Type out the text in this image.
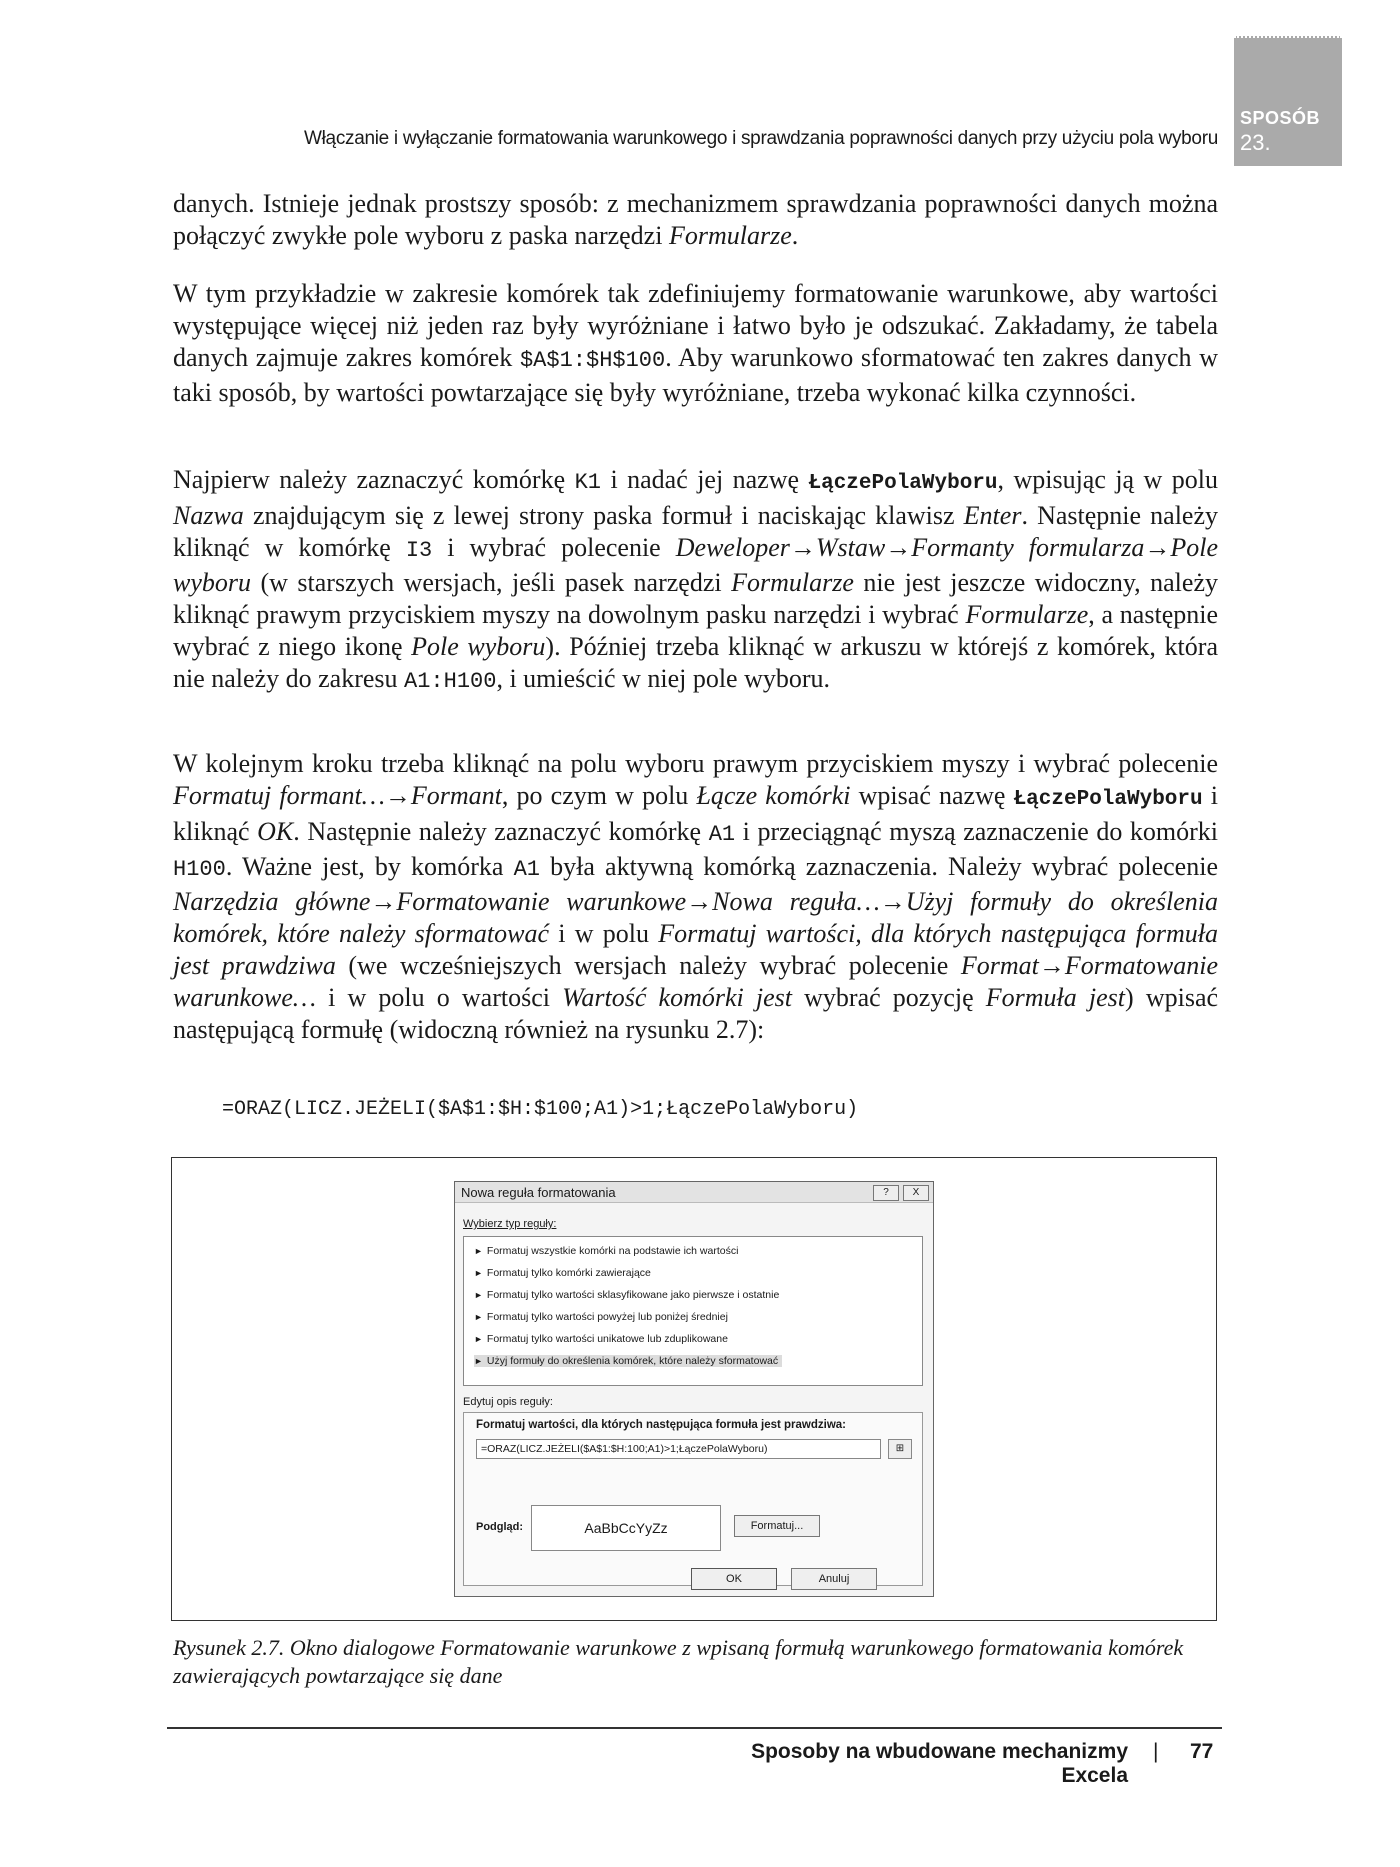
Włączanie i wyłączanie formatowania warunkowego i sprawdzania poprawności danych przy użyciu pola wyboru
SPOSÓB
23.
danych. Istnieje jednak prostszy sposób: z mechanizmem sprawdzania poprawności danych można połączyć zwykłe pole wyboru z paska narzędzi Formularze.
W tym przykładzie w zakresie komórek tak zdefiniujemy formatowanie warunkowe, aby wartości występujące więcej niż jeden raz były wyróżniane i łatwo było je odszukać. Zakładamy, że tabela danych zajmuje zakres komórek $A$1:$H$100. Aby warunkowo sformatować ten zakres danych w taki sposób, by wartości powtarzające się były wyróżniane, trzeba wykonać kilka czynności.
Najpierw należy zaznaczyć komórkę K1 i nadać jej nazwę ŁączePolaWyboru, wpisując ją w polu Nazwa znajdującym się z lewej strony paska formuł i naciskając klawisz Enter. Następnie należy kliknąć w komórkę I3 i wybrać polecenie Deweloper→Wstaw→Formanty formularza→Pole wyboru (w starszych wersjach, jeśli pasek narzędzi Formularze nie jest jeszcze widoczny, należy kliknąć prawym przyciskiem myszy na dowolnym pasku narzędzi i wybrać Formularze, a następnie wybrać z niego ikonę Pole wyboru). Później trzeba kliknąć w arkuszu w którejś z komórek, która nie należy do zakresu A1:H100, i umieścić w niej pole wyboru.
W kolejnym kroku trzeba kliknąć na polu wyboru prawym przyciskiem myszy i wybrać polecenie Formatuj formant…→Formant, po czym w polu Łącze komórki wpisać nazwę ŁączePolaWyboru i kliknąć OK. Następnie należy zaznaczyć komórkę A1 i przeciągnąć myszą zaznaczenie do komórki H100. Ważne jest, by komórka A1 była aktywną komórką zaznaczenia. Należy wybrać polecenie Narzędzia główne→Formatowanie warunkowe→Nowa reguła…→Użyj formuły do określenia komórek, które należy sformatować i w polu Formatuj wartości, dla których następująca formuła jest prawdziwa (we wcześniejszych wersjach należy wybrać polecenie Format→Formatowanie warunkowe… i w polu o wartości Wartość komórki jest wybrać pozycję Formuła jest) wpisać następującą formułę (widoczną również na rysunku 2.7):
=ORAZ(LICZ.JEŻELI($A$1:$H:$100;A1)>1;ŁączePolaWyboru)
Nowa reguła formatowania	?	X
Wybierz typ reguły:
► Formatuj wszystkie komórki na podstawie ich wartości
► Formatuj tylko komórki zawierające
► Formatuj tylko wartości sklasyfikowane jako pierwsze i ostatnie
► Formatuj tylko wartości powyżej lub poniżej średniej
► Formatuj tylko wartości unikatowe lub zduplikowane
► Użyj formuły do określenia komórek, które należy sformatować
Edytuj opis reguły:
Formatuj wartości, dla których następująca formuła jest prawdziwa:
=ORAZ(LICZ.JEŻELI($A$1:$H:100;A1)>1;ŁączePolaWyboru)	⊞
Podgląd:	AaBbCcYyZz	Formatuj...
OK	Anuluj
Rysunek 2.7. Okno dialogowe Formatowanie warunkowe z wpisaną formułą warunkowego formatowania komórek zawierających powtarzające się dane
Sposoby na wbudowane mechanizmy Excela
| 77
